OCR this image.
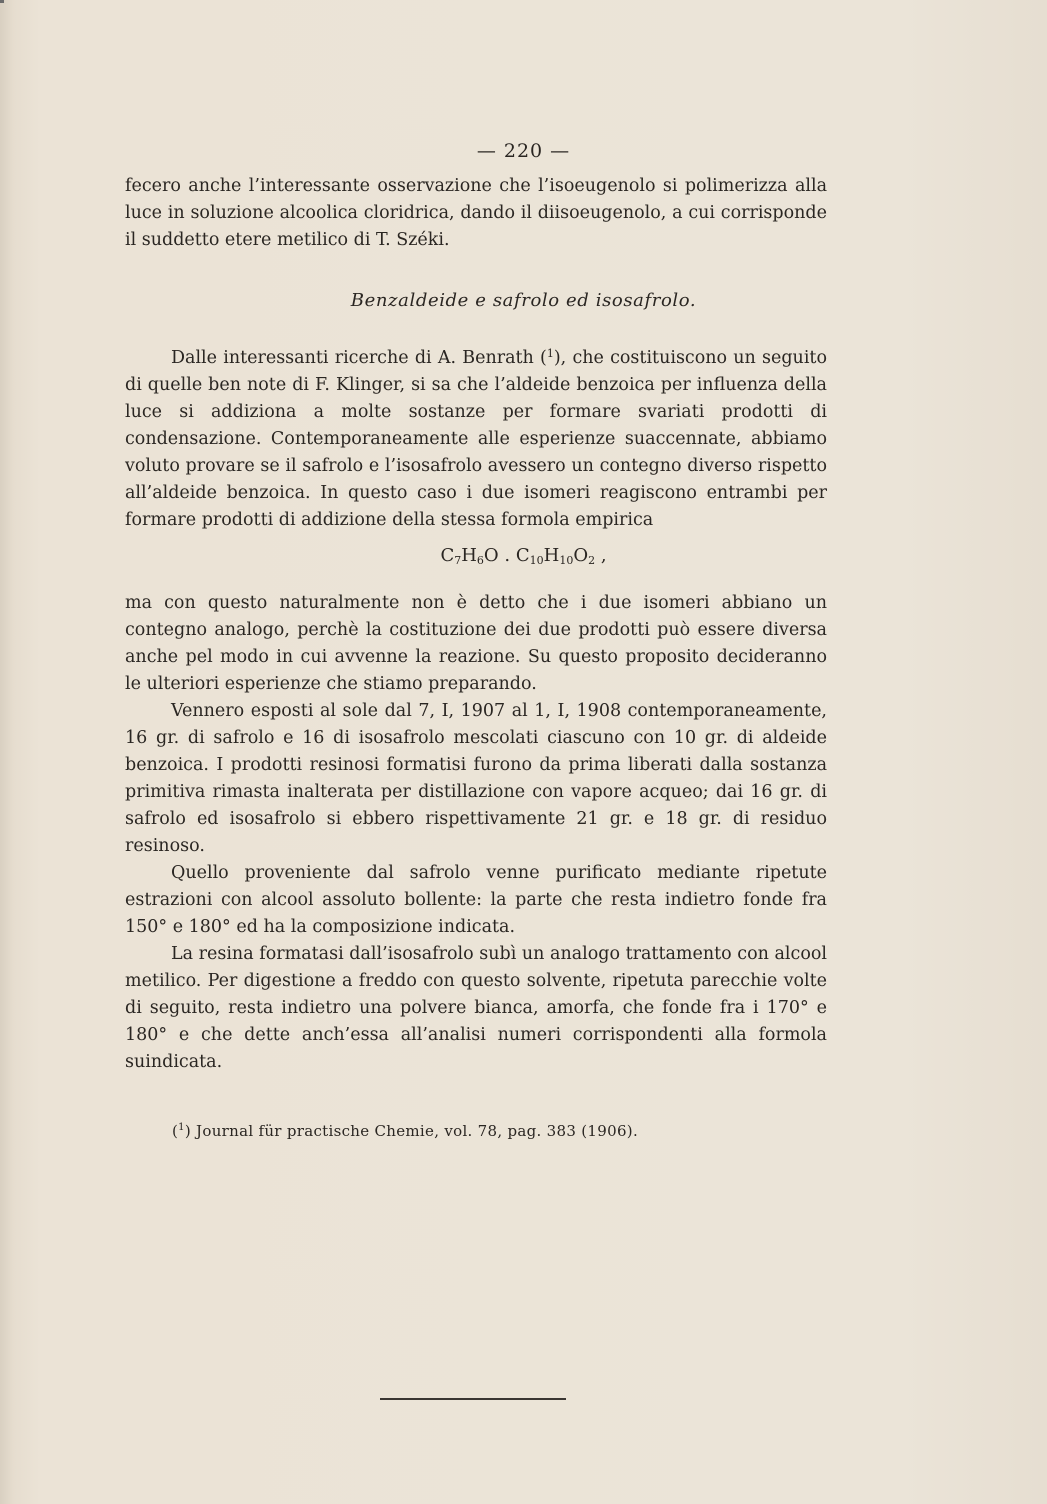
— 220 —

fecero anche l’interessante osservazione che l’isoeugenolo si polimerizza alla luce in soluzione alcoolica cloridrica, dando il diisoeugenolo, a cui corrisponde il suddetto etere metilico di T. Széki.

Benzaldeide e safrolo ed isosafrolo.

Dalle interessanti ricerche di A. Benrath ($^1$), che costituiscono un seguito di quelle ben note di F. Klinger, si sa che l’aldeide benzoica per influenza della luce si addiziona a molte sostanze per formare svariati prodotti di condensazione. Contemporaneamente alle esperienze suaccennate, abbiamo voluto provare se il safrolo e l’isosafrolo avessero un contegno diverso rispetto all’aldeide benzoica. In questo caso i due isomeri reagiscono entrambi per formare prodotti di addizione della stessa formola empirica

$C_7H_6O$ . $C_{10}H_{10}O_2$ ,

ma con questo naturalmente non è detto che i due isomeri abbiano un contegno analogo, perchè la costituzione dei due prodotti può essere diversa anche pel modo in cui avvenne la reazione. Su questo proposito decideranno le ulteriori esperienze che stiamo preparando.

Vennero esposti al sole dal 7, I, 1907 al 1, I, 1908 contemporaneamente, 16 gr. di safrolo e 16 di isosafrolo mescolati ciascuno con 10 gr. di aldeide benzoica. I prodotti resinosi formatisi furono da prima liberati dalla sostanza primitiva rimasta inalterata per distillazione con vapore acqueo; dai 16 gr. di safrolo ed isosafrolo si ebbero rispettivamente 21 gr. e 18 gr. di residuo resinoso.

Quello proveniente dal safrolo venne purificato mediante ripetute estrazioni con alcool assoluto bollente: la parte che resta indietro fonde fra 150° e 180° ed ha la composizione indicata.

La resina formatasi dall’isosafrolo subì un analogo trattamento con alcool metilico. Per digestione a freddo con questo solvente, ripetuta parecchie volte di seguito, resta indietro una polvere bianca, amorfa, che fonde fra i 170° e 180° e che dette anch’essa all’analisi numeri corrispondenti alla formola suindicata.

($^1$) Journal für practische Chemie, vol. 78, pag. 383 (1906).
